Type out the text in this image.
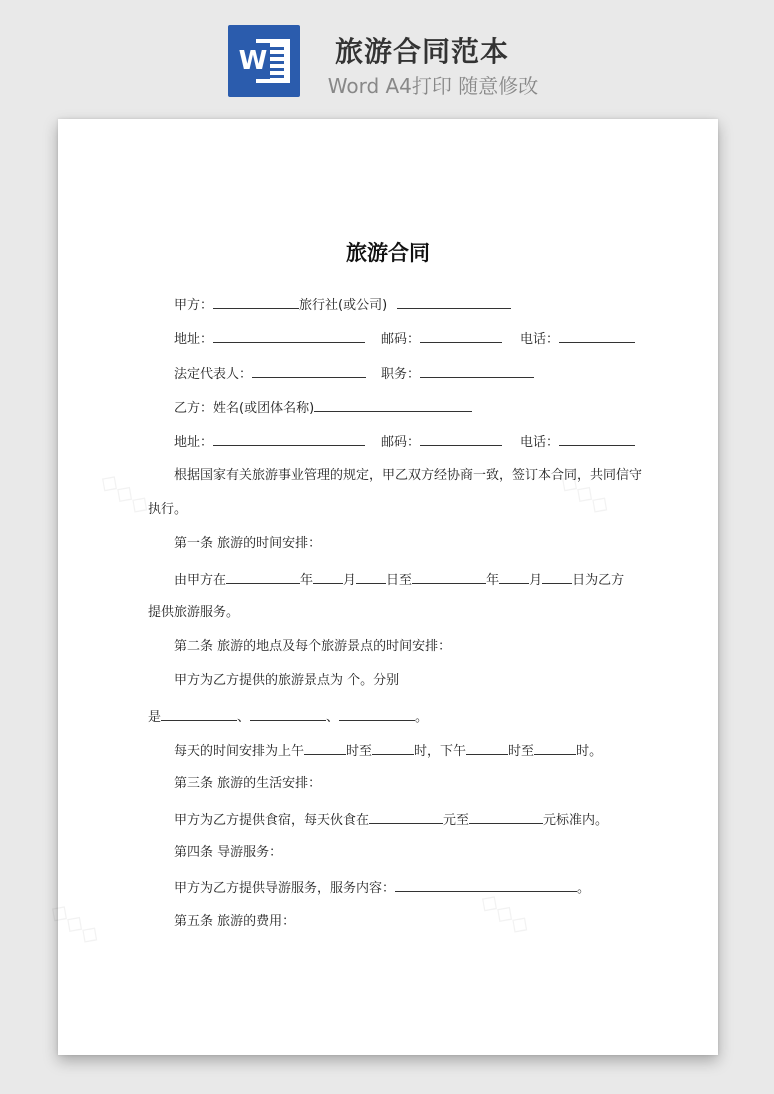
W	旅游合同范本
Word A4打印 随意修改
◇◇◇	◇◇◇
◇◇◇	◇◇◇
旅游合同
甲方：	旅行社(或公司)
地址：	邮码：	电话：
法定代表人：	职务：
乙方：姓名(或团体名称)
地址：	邮码：	电话：
根据国家有关旅游事业管理的规定，甲乙双方经协商一致，签订本合同，共同信守
执行。
第一条 旅游的时间安排：
由甲方在	年 月 日至	年 月 日为乙方
提供旅游服务。
第二条 旅游的地点及每个旅游景点的时间安排：
甲方为乙方提供的旅游景点为 个。分别
是	、	、	。
每天的时间安排为上午	时至	时，下午	时至	时。
第三条 旅游的生活安排：
甲方为乙方提供食宿，每天伙食在	元至	元标准内。
第四条 导游服务：
甲方为乙方提供导游服务，服务内容：	。
第五条 旅游的费用：
